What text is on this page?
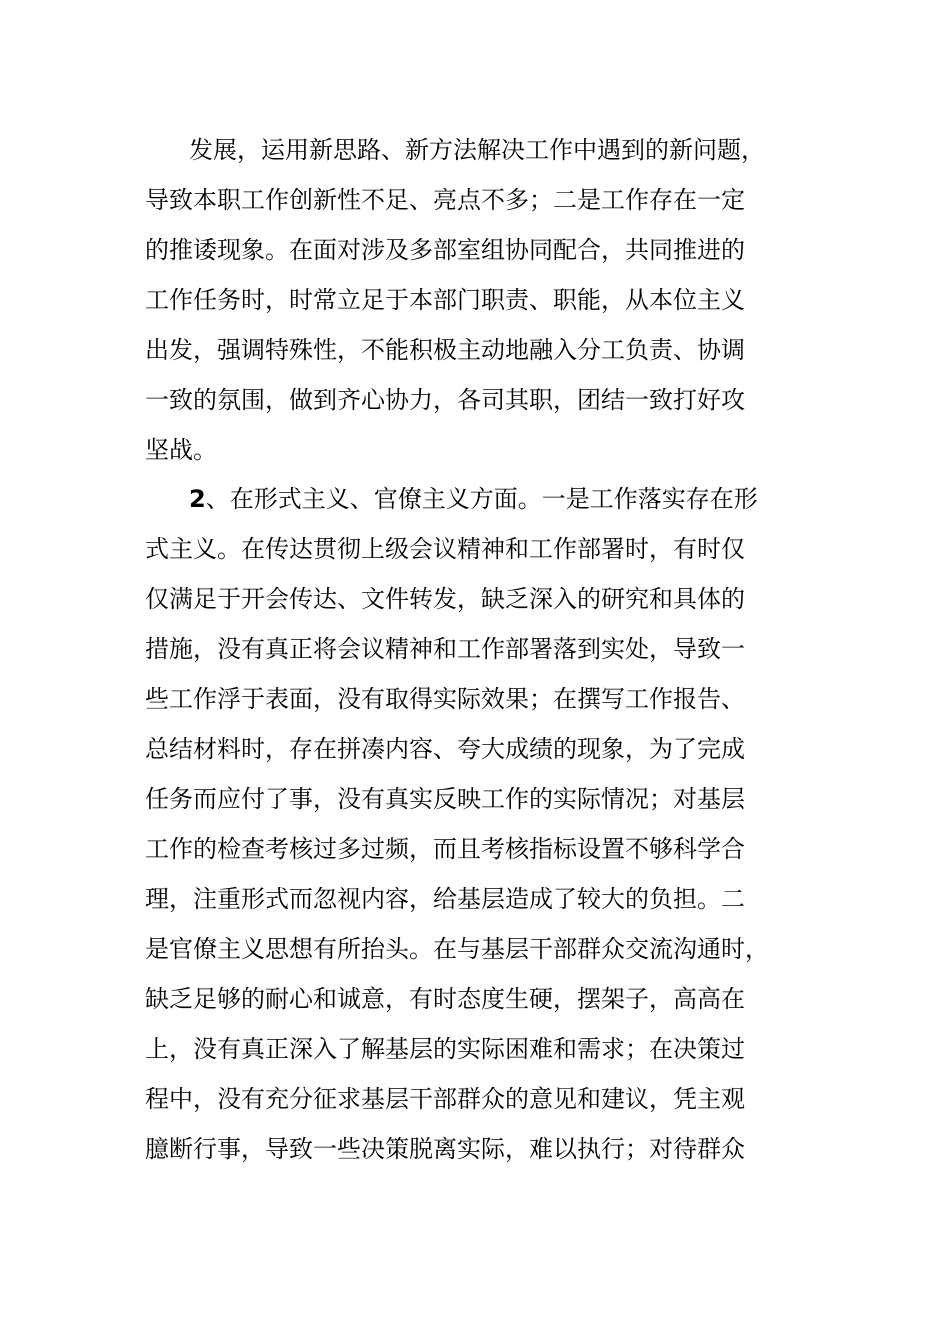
发展，运用新思路、新方法解决工作中遇到的新问题，
导致本职工作创新性不足、亮点不多；二是工作存在一定
的推诿现象。在面对涉及多部室组协同配合，共同推进的
工作任务时，时常立足于本部门职责、职能，从本位主义
出发，强调特殊性，不能积极主动地融入分工负责、协调
一致的氛围，做到齐心协力，各司其职，团结一致打好攻
坚战。
2、在形式主义、官僚主义方面。一是工作落实存在形
式主义。在传达贯彻上级会议精神和工作部署时，有时仅
仅满足于开会传达、文件转发，缺乏深入的研究和具体的
措施，没有真正将会议精神和工作部署落到实处，导致一
些工作浮于表面，没有取得实际效果；在撰写工作报告、
总结材料时，存在拼凑内容、夸大成绩的现象，为了完成
任务而应付了事，没有真实反映工作的实际情况；对基层
工作的检查考核过多过频，而且考核指标设置不够科学合
理，注重形式而忽视内容，给基层造成了较大的负担。二
是官僚主义思想有所抬头。在与基层干部群众交流沟通时，
缺乏足够的耐心和诚意，有时态度生硬，摆架子，高高在
上，没有真正深入了解基层的实际困难和需求；在决策过
程中，没有充分征求基层干部群众的意见和建议，凭主观
臆断行事，导致一些决策脱离实际，难以执行；对待群众
